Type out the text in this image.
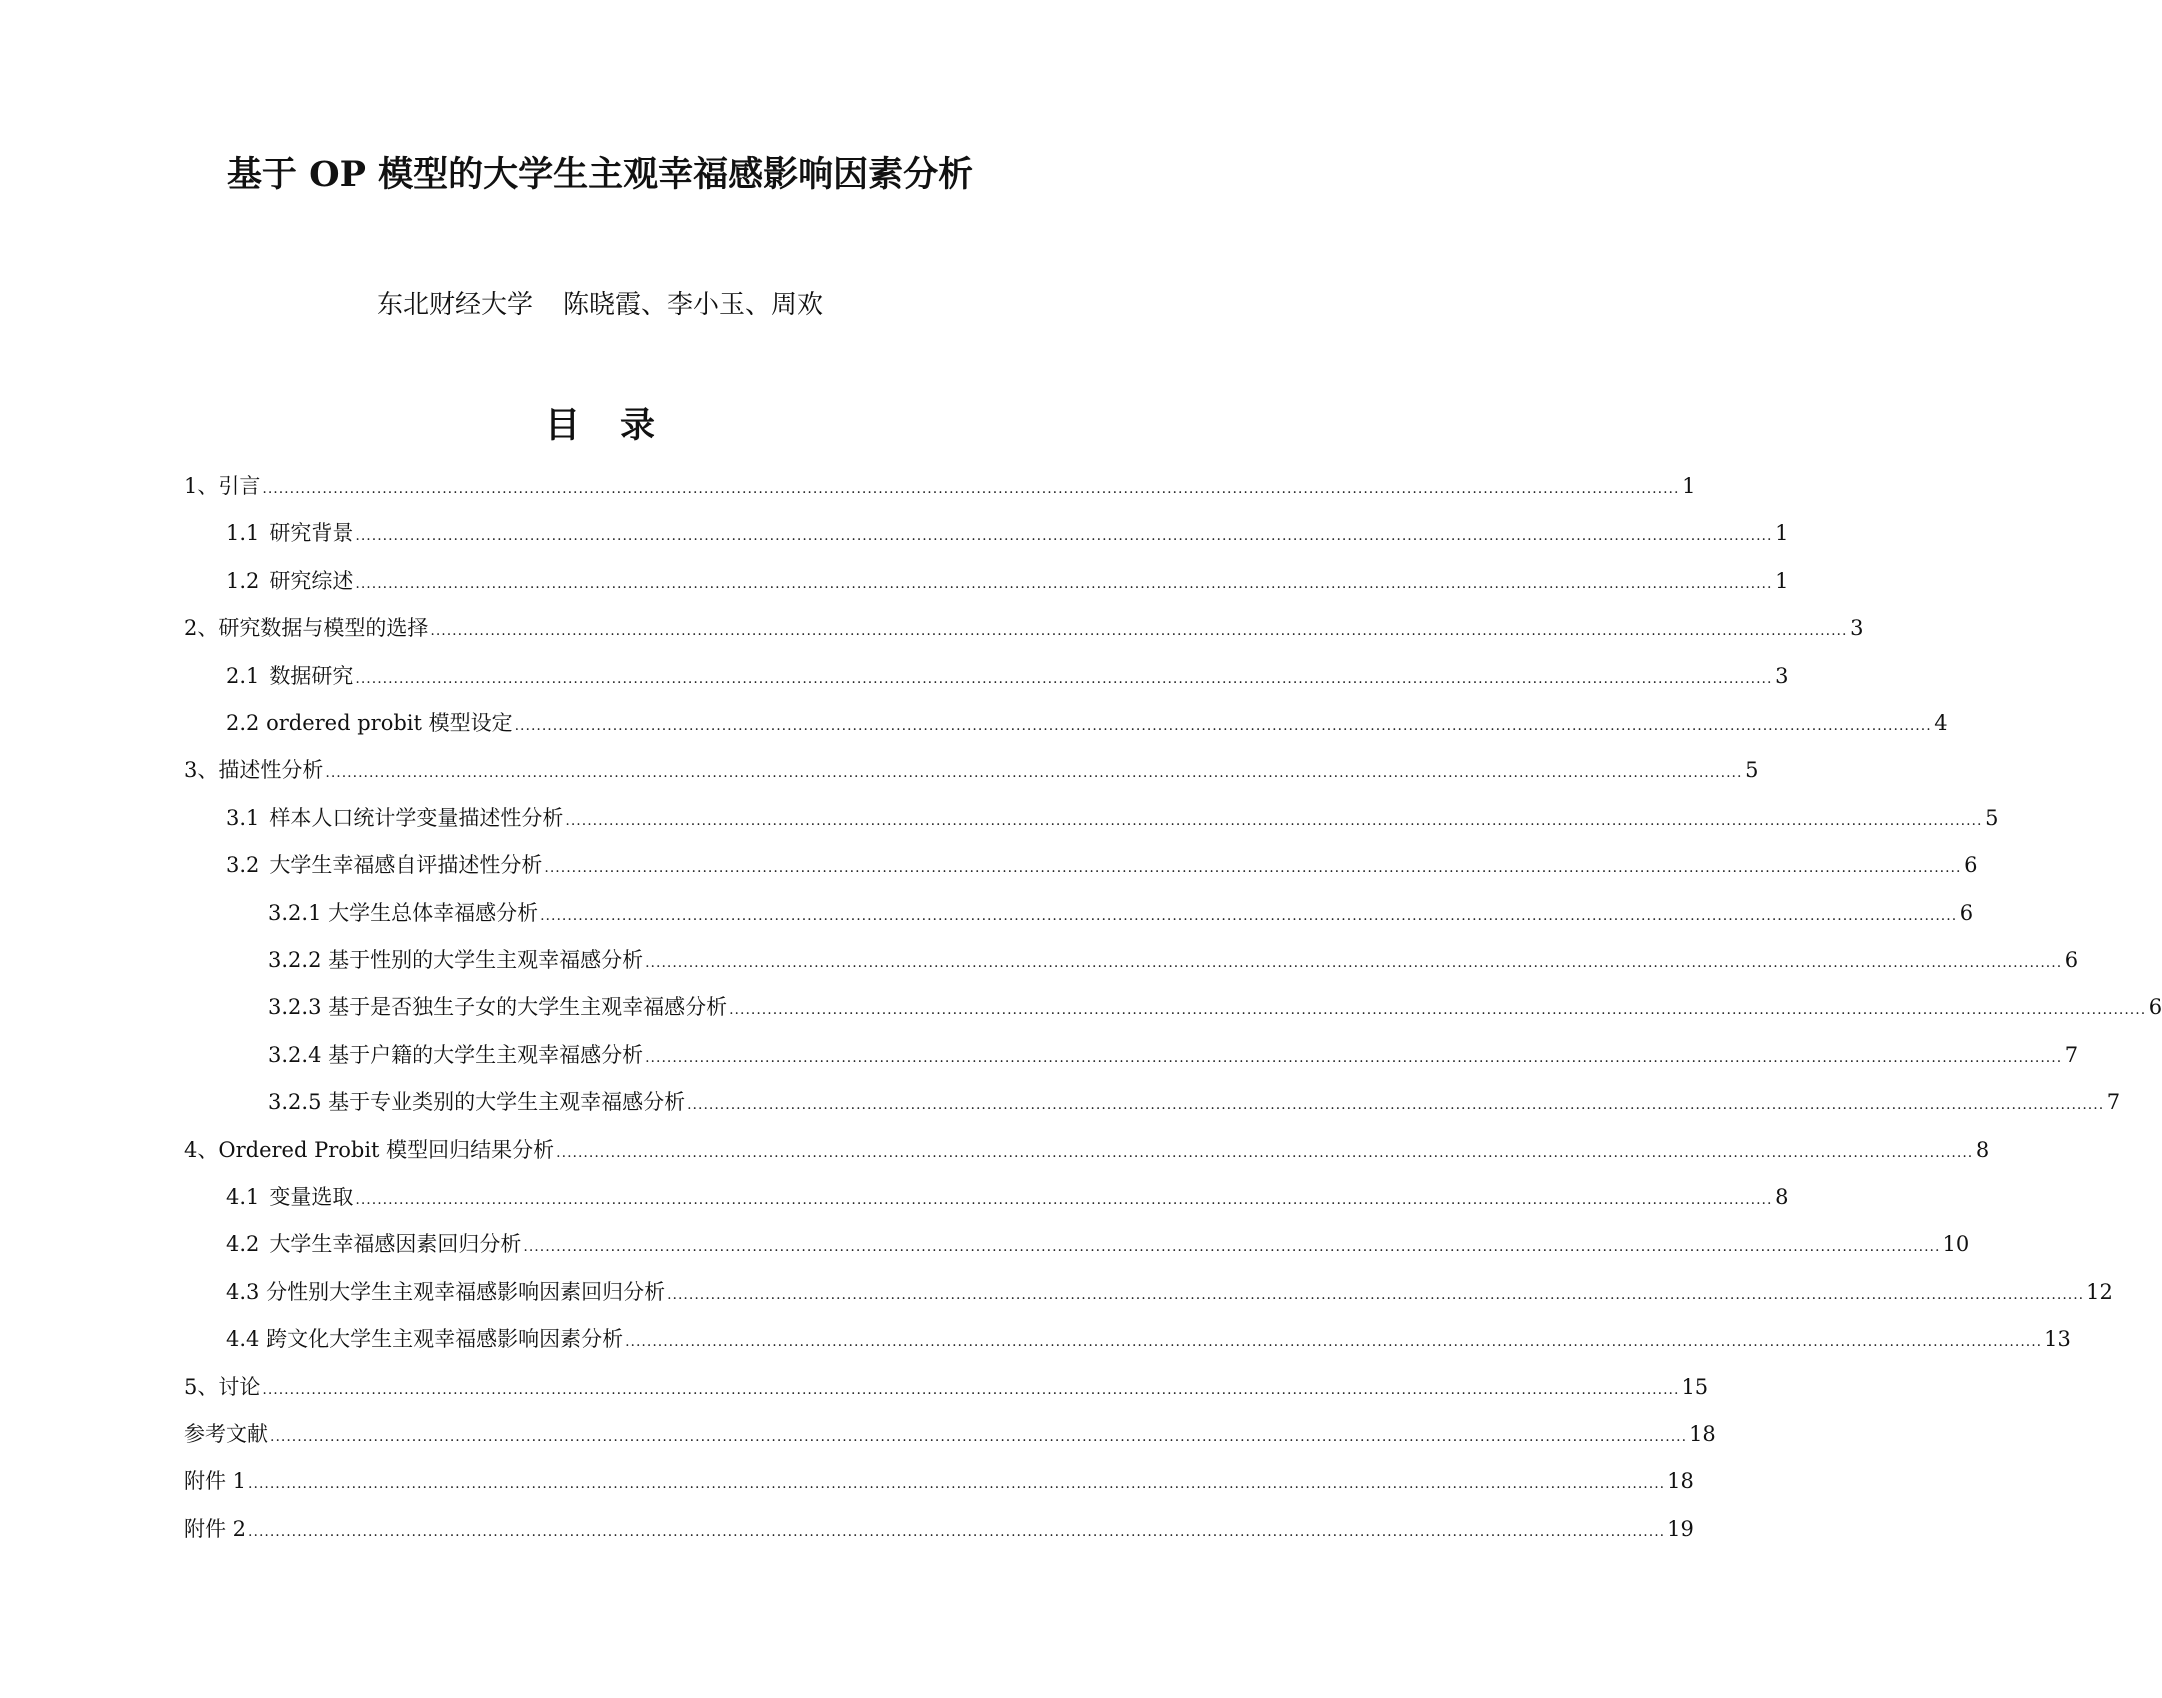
基于 OP 模型的大学生主观幸福感影响因素分析
东北财经大学 陈晓霞、李小玉、周欢
目 录
1、 引言 .................................................................................................................................................................................................................................................................... 1
1.1 研究背景 .................................................................................................................................................................................................................................................................... 1
1.2 研究综述 .................................................................................................................................................................................................................................................................... 1
2、 研究数据与模型的选择 .................................................................................................................................................................................................................................................................... 3
2.1 数据研究 .................................................................................................................................................................................................................................................................... 3
2.2 ordered probit 模型设定 .................................................................................................................................................................................................................................................................... 4
3、 描述性分析 .................................................................................................................................................................................................................................................................... 5
3.1 样本人口统计学变量描述性分析 .................................................................................................................................................................................................................................................................... 5
3.2 大学生幸福感自评描述性分析 .................................................................................................................................................................................................................................................................... 6
3.2.1 大学生总体幸福感分析 .................................................................................................................................................................................................................................................................... 6
3.2.2 基于性别的大学生主观幸福感分析 .................................................................................................................................................................................................................................................................... 6
3.2.3 基于是否独生子女的大学生主观幸福感分析 .................................................................................................................................................................................................................................................................... 6
3.2.4 基于户籍的大学生主观幸福感分析 .................................................................................................................................................................................................................................................................... 7
3.2.5 基于专业类别的大学生主观幸福感分析 .................................................................................................................................................................................................................................................................... 7
4、 Ordered Probit 模型回归结果分析 .................................................................................................................................................................................................................................................................... 8
4.1 变量选取 .................................................................................................................................................................................................................................................................... 8
4.2 大学生幸福感因素回归分析 .................................................................................................................................................................................................................................................................... 10
4.3 分性别大学生主观幸福感影响因素回归分析 .................................................................................................................................................................................................................................................................... 12
4.4 跨文化大学生主观幸福感影响因素分析 .................................................................................................................................................................................................................................................................... 13
5、 讨论 .................................................................................................................................................................................................................................................................... 15
参考文献 .................................................................................................................................................................................................................................................................... 18
附件 1 .................................................................................................................................................................................................................................................................... 18
附件 2 .................................................................................................................................................................................................................................................................... 19
